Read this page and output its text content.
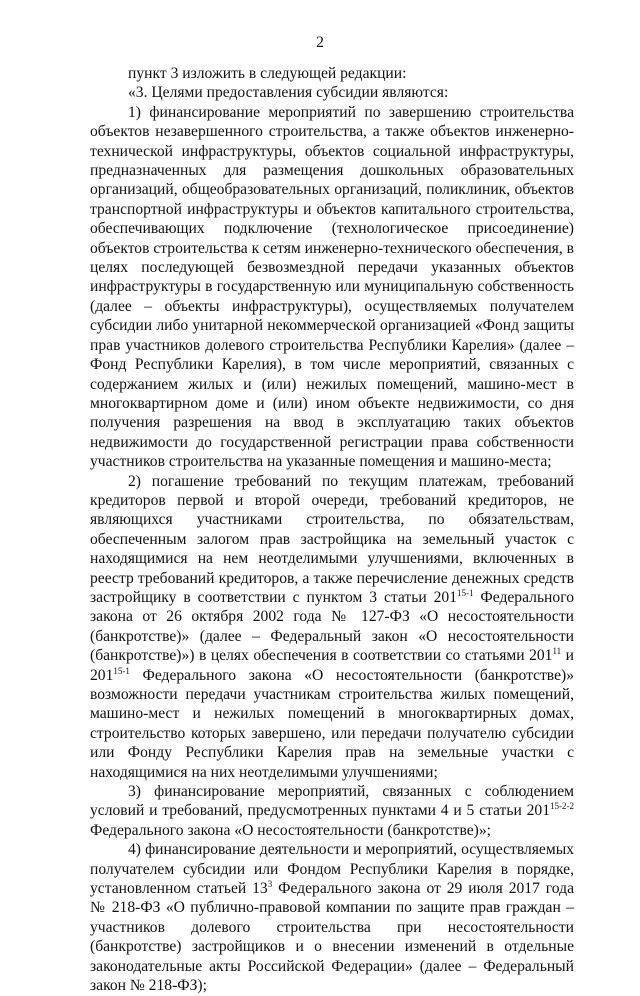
2

пункт 3 изложить в следующей редакции:

«3. Целями предоставления субсидии являются:

1) финансирование мероприятий по завершению строительства объектов незавершенного строительства, а также объектов инженерно-технической инфраструктуры, объектов социальной инфраструктуры, предназначенных для размещения дошкольных образовательных организаций, общеобразовательных организаций, поликлиник, объектов транспортной инфраструктуры и объектов капитального строительства, обеспечивающих подключение (технологическое присоединение) объектов строительства к сетям инженерно-технического обеспечения, в целях последующей безвозмездной передачи указанных объектов инфраструктуры в государственную или муниципальную собственность (далее – объекты инфраструктуры), осуществляемых получателем субсидии либо унитарной некоммерческой организацией «Фонд защиты прав участников долевого строительства Республики Карелия» (далее – Фонд Республики Карелия), в том числе мероприятий, связанных с содержанием жилых и (или) нежилых помещений, машино-мест в многоквартирном доме и (или) ином объекте недвижимости, со дня получения разрешения на ввод в эксплуатацию таких объектов недвижимости до государственной регистрации права собственности участников строительства на указанные помещения и машино-места;

2) погашение требований по текущим платежам, требований кредиторов первой и второй очереди, требований кредиторов, не являющихся участниками строительства, по обязательствам, обеспеченным залогом прав застройщика на земельный участок с находящимися на нем неотделимыми улучшениями, включенных в реестр требований кредиторов, а также перечисление денежных средств застройщику в соответствии с пунктом 3 статьи 201$^{15-1}$ Федерального закона от 26 октября 2002 года № 127-ФЗ «О несостоятельности (банкротстве)» (далее – Федеральный закон «О несостоятельности (банкротстве)») в целях обеспечения в соответствии со статьями $201^{11}$ и 201$^{15-1}$ Федерального закона «О несостоятельности (банкротстве)» возможности передачи участникам строительства жилых помещений, машино-мест и нежилых помещений в многоквартирных домах, строительство которых завершено, или передачи получателю субсидии или Фонду Республики Карелия прав на земельные участки с находящимися на них неотделимыми улучшениями;

3) финансирование мероприятий, связанных с соблюдением условий и требований, предусмотренных пунктами 4 и 5 статьи 201$^{15-2-2}$ Федерального закона «О несостоятельности (банкротстве)»;

4) финансирование деятельности и мероприятий, осуществляемых получателем субсидии или Фондом Республики Карелия в порядке, установленном статьей $13^3$ Федерального закона от 29 июля 2017 года № 218-ФЗ «О публично-правовой компании по защите прав граждан – участников долевого строительства при несостоятельности (банкротстве) застройщиков и о внесении изменений в отдельные законодательные акты Российской Федерации» (далее – Федеральный закон № 218-ФЗ);
